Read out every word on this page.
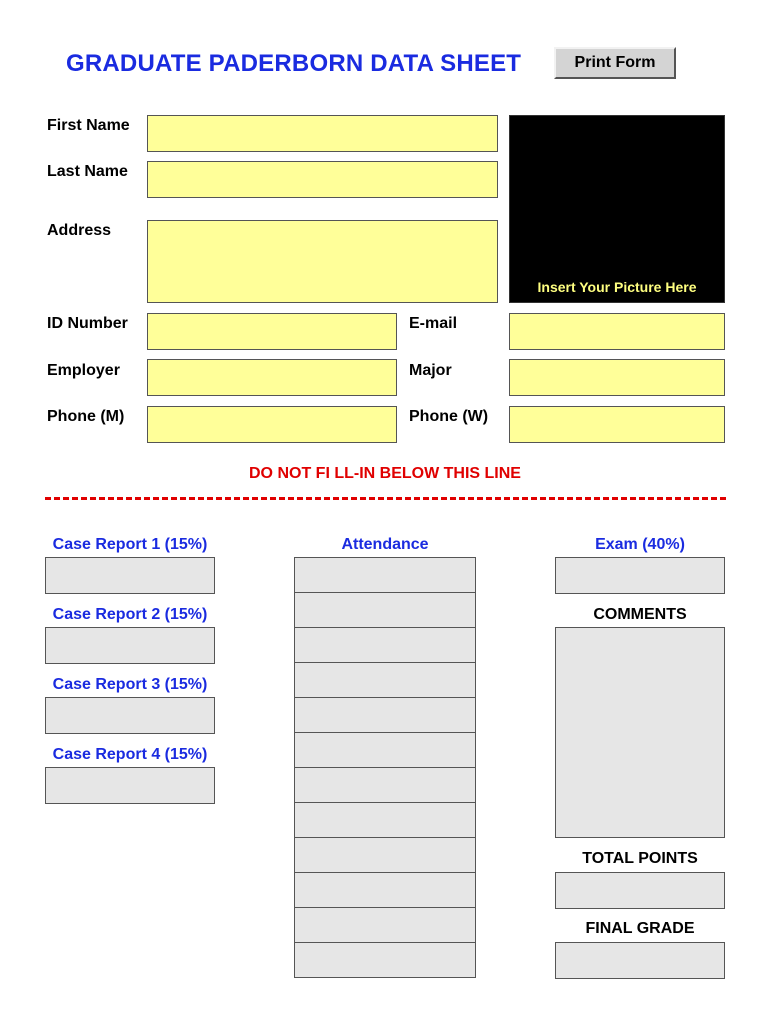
GRADUATE PADERBORN DATA SHEET	Print Form
First Name
Last Name
Address
Insert Your Picture Here
ID Number	E-mail
Employer	Major
Phone (M)	Phone (W)
DO NOT FI LL-IN BELOW THIS LINE
Case Report 1 (15%)
Case Report 2 (15%)
Case Report 3 (15%)
Case Report 4 (15%)
Attendance	Exam (40%)
COMMENTS
TOTAL POINTS
FINAL GRADE
